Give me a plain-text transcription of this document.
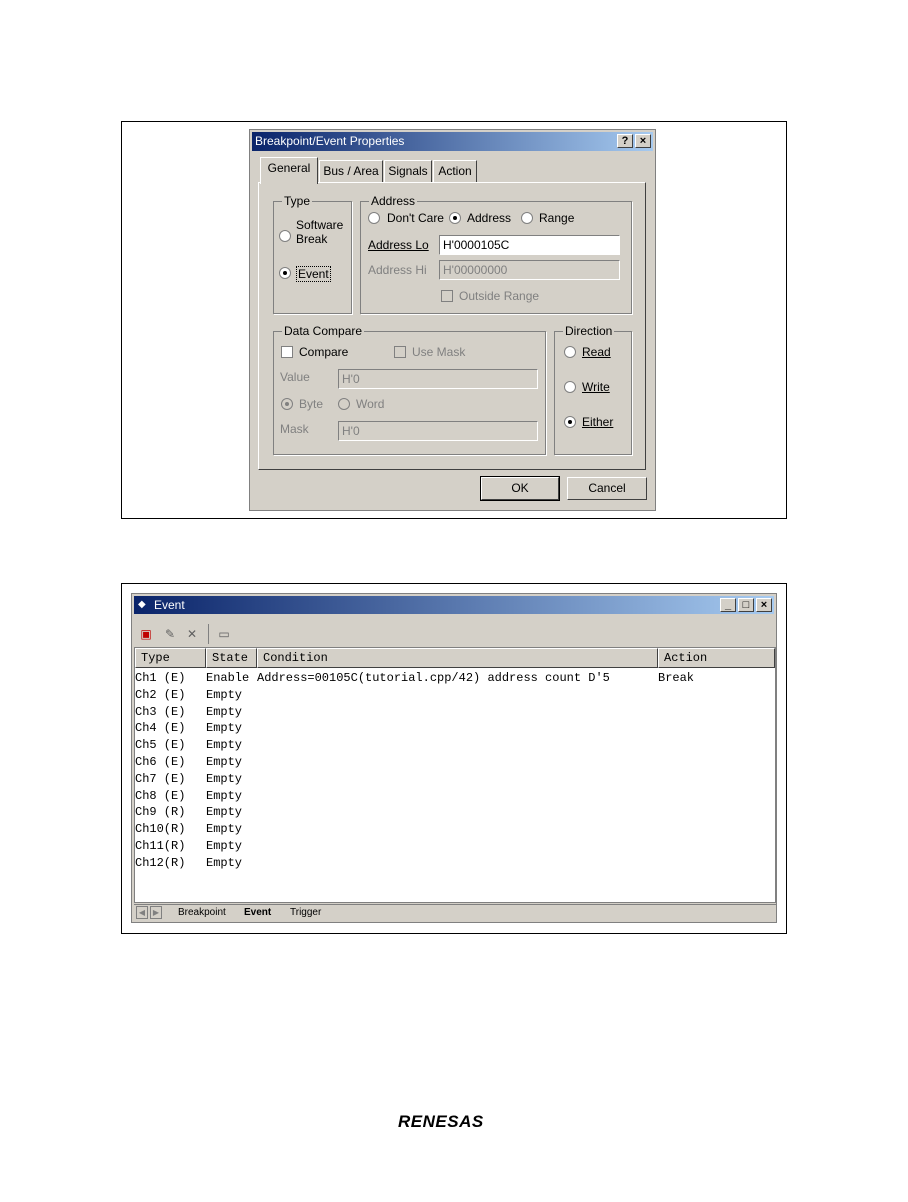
Breakpoint/Event Properties	?	×
General	Bus / Area Signals Action
Type
Software
Break
Event
Address
Don't Care Address Range
Address Lo	H'0000105C
Address Hi	H'00000000
Outside Range
Data Compare
Compare	Use Mask
Value	H'0
Byte	Word
Mask	H'0
Direction
Read
Write
Either
OK	Cancel
◆ Event	_	□	×
▣ ✎ ✕ ▭
Type	State	Condition	Action
Ch1 (E) Enable Address=00105C(tutorial.cpp/42) address count D'5	Break
Ch2 (E) Empty
Ch3 (E) Empty
Ch4 (E) Empty
Ch5 (E) Empty
Ch6 (E) Empty
Ch7 (E) Empty
Ch8 (E) Empty
Ch9 (R) Empty
Ch10(R) Empty
Ch11(R) Empty
Ch12(R) Empty
◀ ▶ Breakpoint Event Trigger
RENESAS
